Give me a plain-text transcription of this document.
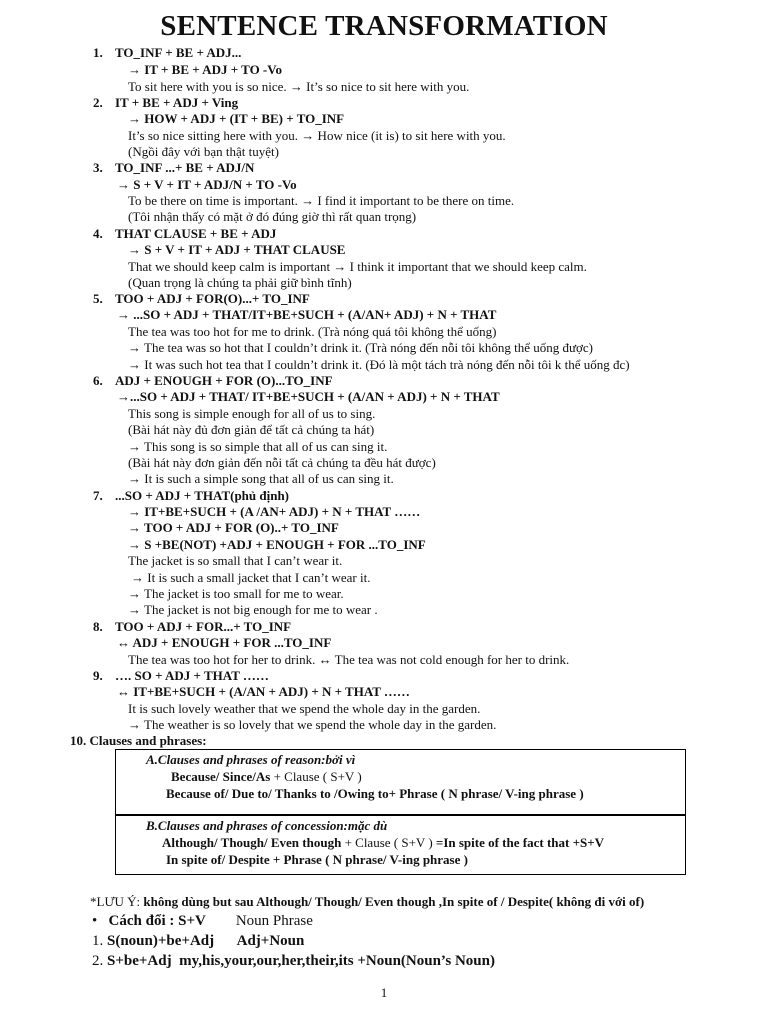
SENTENCE TRANSFORMATION
1. TO_INF + BE + ADJ...
→ IT + BE + ADJ + TO -Vo
To sit here with you is so nice. → It’s so nice to sit here with you.
2. IT + BE + ADJ + Ving
→ HOW + ADJ + (IT + BE) + TO_INF
It’s so nice sitting here with you. → How nice (it is) to sit here with you.
(Ngồi đây với bạn thật tuyệt)
3. TO_INF ...+ BE + ADJ/N
→ S + V + IT + ADJ/N + TO -Vo
To be there on time is important. → I find it important to be there on time.
(Tôi nhận thấy có mặt ở đó đúng giờ thì rất quan trọng)
4. THAT CLAUSE + BE + ADJ
→ S + V + IT + ADJ + THAT CLAUSE
That we should keep calm is important → I think it important that we should keep calm.
(Quan trọng là chúng ta phải giữ bình tĩnh)
5. TOO + ADJ + FOR(O)...+ TO_INF
→ ...SO + ADJ + THAT/IT+BE+SUCH + (A/AN+ ADJ) + N + THAT
The tea was too hot for me to drink. (Trà nóng quá tôi không thể uống)
→ The tea was so hot that I couldn’t drink it. (Trà nóng đến nỗi tôi không thể uống được)
→ It was such hot tea that I couldn’t drink it. (Đó là một tách trà nóng đến nỗi tôi k thể uống đc)
6. ADJ + ENOUGH + FOR (O)...TO_INF
→...SO + ADJ + THAT/ IT+BE+SUCH + (A/AN + ADJ) + N + THAT
This song is simple enough for all of us to sing.
(Bài hát này đủ đơn giản để tất cả chúng ta hát)
→ This song is so simple that all of us can sing it.
(Bài hát này đơn giản đến nỗi tất cả chúng ta đều hát được)
→ It is such a simple song that all of us can sing it.
7. ...SO + ADJ + THAT(phủ định)
→ IT+BE+SUCH + (A /AN+ ADJ) + N + THAT ……
→ TOO + ADJ + FOR (O)..+ TO_INF
→ S +BE(NOT) +ADJ + ENOUGH + FOR ...TO_INF
The jacket is so small that I can’t wear it.
→ It is such a small jacket that I can’t wear it.
→ The jacket is too small for me to wear.
→ The jacket is not big enough for me to wear .
8. TOO + ADJ + FOR...+ TO_INF
↔ ADJ + ENOUGH + FOR ...TO_INF
The tea was too hot for her to drink. ↔ The tea was not cold enough for her to drink.
9. …. SO + ADJ + THAT ……
↔ IT+BE+SUCH + (A/AN + ADJ) + N + THAT ……
It is such lovely weather that we spend the whole day in the garden.
→ The weather is so lovely that we spend the whole day in the garden.
10. Clauses and phrases:
A.Clauses and phrases of reason:bởi vì
Because/ Since/As + Clause ( S+V )
Because of/ Due to/ Thanks to /Owing to+ Phrase ( N phrase/ V-ing phrase )
B.Clauses and phrases of concession:mặc dù
Although/ Though/ Even though + Clause ( S+V ) =In spite of the fact that +S+V
In spite of/ Despite + Phrase ( N phrase/ V-ing phrase )
*LƯU Ý: không dùng but sau Although/ Though/ Even though ,In spite of / Despite( không đi với of)
• Cách đổi : S+V Noun Phrase
1. S(noun)+be+Adj Adj+Noun
2. S+be+Adj my,his,your,our,her,their,its +Noun(Noun’s Noun)
1
